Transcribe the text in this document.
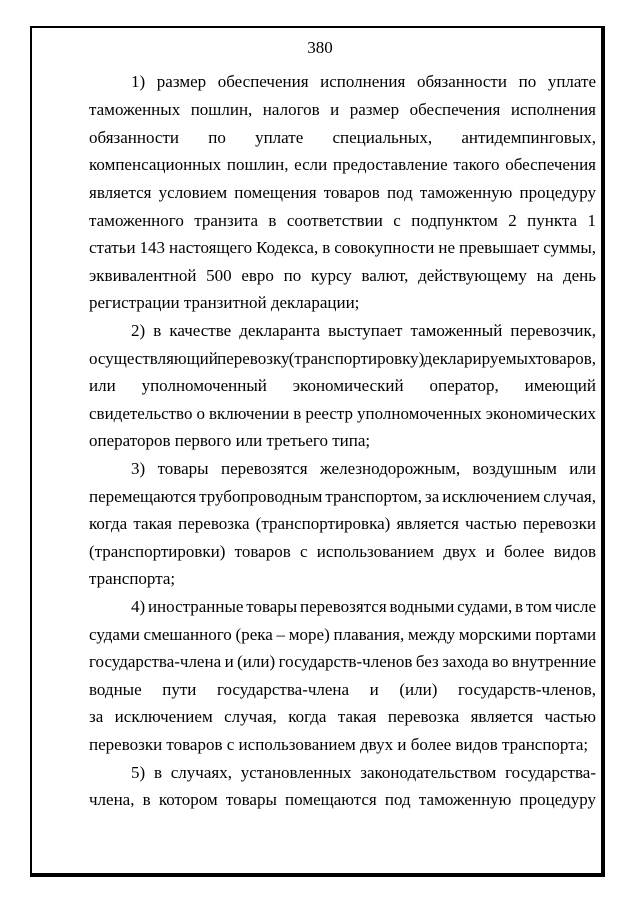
380
1) размер обеспечения исполнения обязанности по уплате
таможенных пошлин, налогов и размер обеспечения исполнения
обязанности по уплате специальных, антидемпинговых,
компенсационных пошлин, если предоставление такого обеспечения
является условием помещения товаров под таможенную процедуру
таможенного транзита в соответствии с подпунктом 2 пункта 1
статьи 143 настоящего Кодекса, в совокупности не превышает суммы,
эквивалентной 500 евро по курсу валют, действующему на день
регистрации транзитной декларации;
2) в качестве декларанта выступает таможенный перевозчик,
осуществляющий перевозку (транспортировку) декларируемых товаров,
или уполномоченный экономический оператор, имеющий
свидетельство о включении в реестр уполномоченных экономических
операторов первого или третьего типа;
3) товары перевозятся железнодорожным, воздушным или
перемещаются трубопроводным транспортом, за исключением случая,
когда такая перевозка (транспортировка) является частью перевозки
(транспортировки) товаров с использованием двух и более видов
транспорта;
4) иностранные товары перевозятся водными судами, в том числе
судами смешанного (река – море) плавания, между морскими портами
государства-члена и (или) государств-членов без захода во внутренние
водные пути государства-члена и (или) государств-членов,
за исключением случая, когда такая перевозка является частью
перевозки товаров с использованием двух и более видов транспорта;
5) в случаях, установленных законодательством государства-
члена, в котором товары помещаются под таможенную процедуру
